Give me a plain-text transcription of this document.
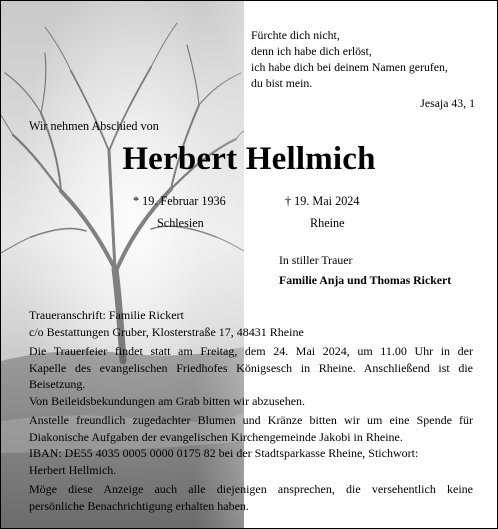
Fürchte dich nicht,
denn ich habe dich erlöst,
ich habe dich bei deinem Namen gerufen,
du bist mein.

Jesaja 43, 1

Wir nehmen Abschied von

Herbert Hellmich

* 19. Februar 1936	† 19. Mai 2024

Schlesien	Rheine

In stiller Trauer

Familie Anja und Thomas Rickert

Traueranschrift: Familie Rickert
c/o Bestattungen Gruber, Klosterstraße 17, 48431 Rheine
Die Trauerfeier findet statt am Freitag, dem 24. Mai 2024, um 11.00 Uhr in der
Kapelle des evangelischen Friedhofes Königsesch in Rheine. Anschließend ist die
Beisetzung.
Von Beileidsbekundungen am Grab bitten wir abzusehen.
Anstelle freundlich zugedachter Blumen und Kränze bitten wir um eine Spende für
Diakonische Aufgaben der evangelischen Kirchengemeinde Jakobi in Rheine.
IBAN: DE55 4035 0005 0000 0175 82 bei der Stadtsparkasse Rheine, Stichwort:
Herbert Hellmich.
Möge diese Anzeige auch alle diejenigen ansprechen, die versehentlich keine
persönliche Benachrichtigung erhalten haben.
